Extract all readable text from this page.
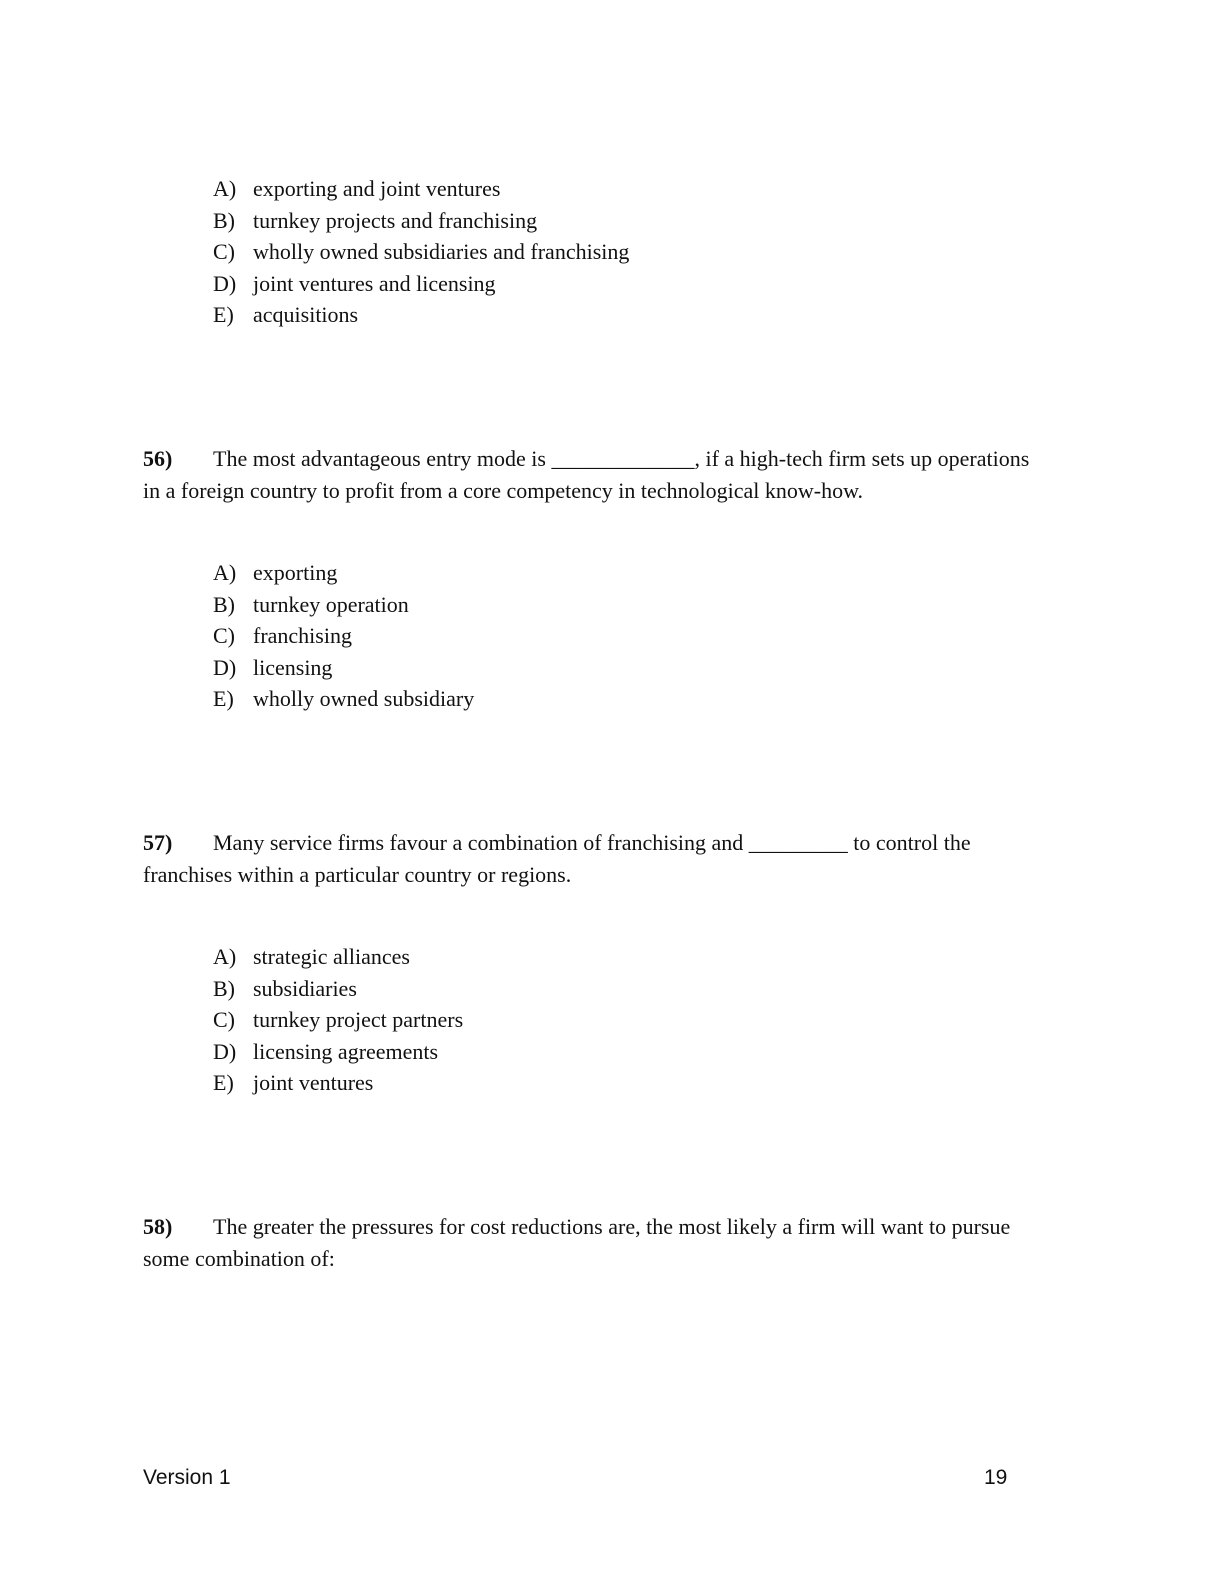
A) exporting and joint ventures
B) turnkey projects and franchising
C) wholly owned subsidiaries and franchising
D) joint ventures and licensing
E) acquisitions

56) The most advantageous entry mode is _____________, if a high-tech firm sets up operations in a foreign country to profit from a core competency in technological know-how.

A) exporting
B) turnkey operation
C) franchising
D) licensing
E) wholly owned subsidiary

57) Many service firms favour a combination of franchising and _________ to control the franchises within a particular country or regions.

A) strategic alliances
B) subsidiaries
C) turnkey project partners
D) licensing agreements
E) joint ventures

58) The greater the pressures for cost reductions are, the most likely a firm will want to pursue some combination of:

Version 1	19
